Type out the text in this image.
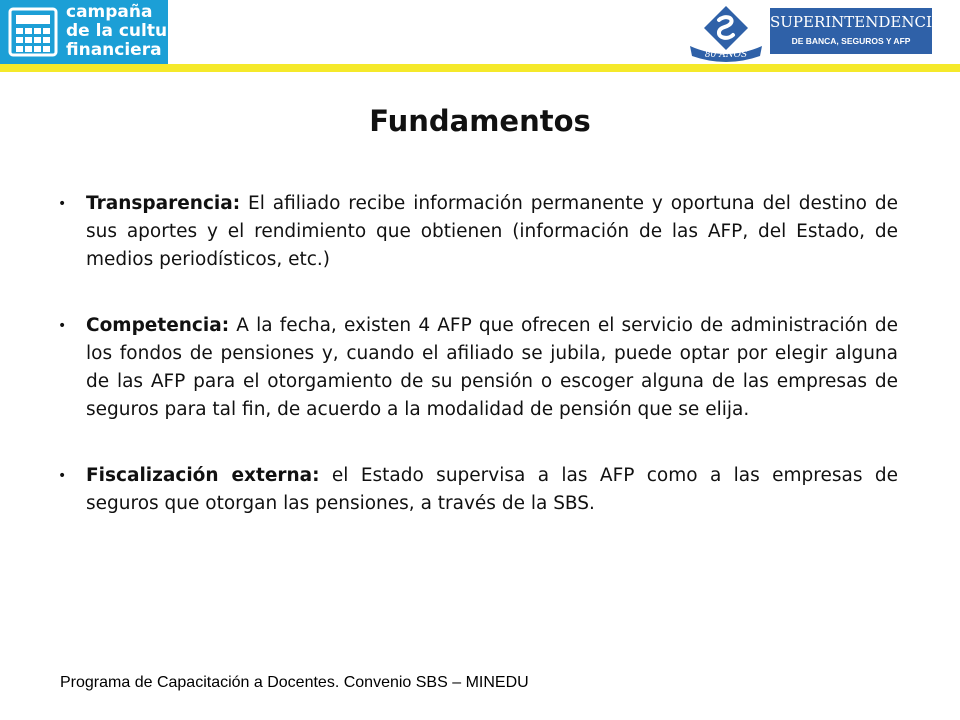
campaña
de la cultura
financiera	80 AÑOS
SUPERINTENDENCIA
DE BANCA, SEGUROS Y AFP
Fundamentos
• Transparencia: El afiliado recibe información permanente y oportuna del destino de sus aportes y el rendimiento que obtienen (información de las AFP, del Estado, de medios periodísticos, etc.)
• Competencia: A la fecha, existen 4 AFP que ofrecen el servicio de administración de los fondos de pensiones y, cuando el afiliado se jubila, puede optar por elegir alguna de las AFP para el otorgamiento de su pensión o escoger alguna de las empresas de seguros para tal fin, de acuerdo a la modalidad de pensión que se elija.
• Fiscalización externa: el Estado supervisa a las AFP como a las empresas de seguros que otorgan las pensiones, a través de la SBS.
Programa de Capacitación a Docentes. Convenio SBS – MINEDU
